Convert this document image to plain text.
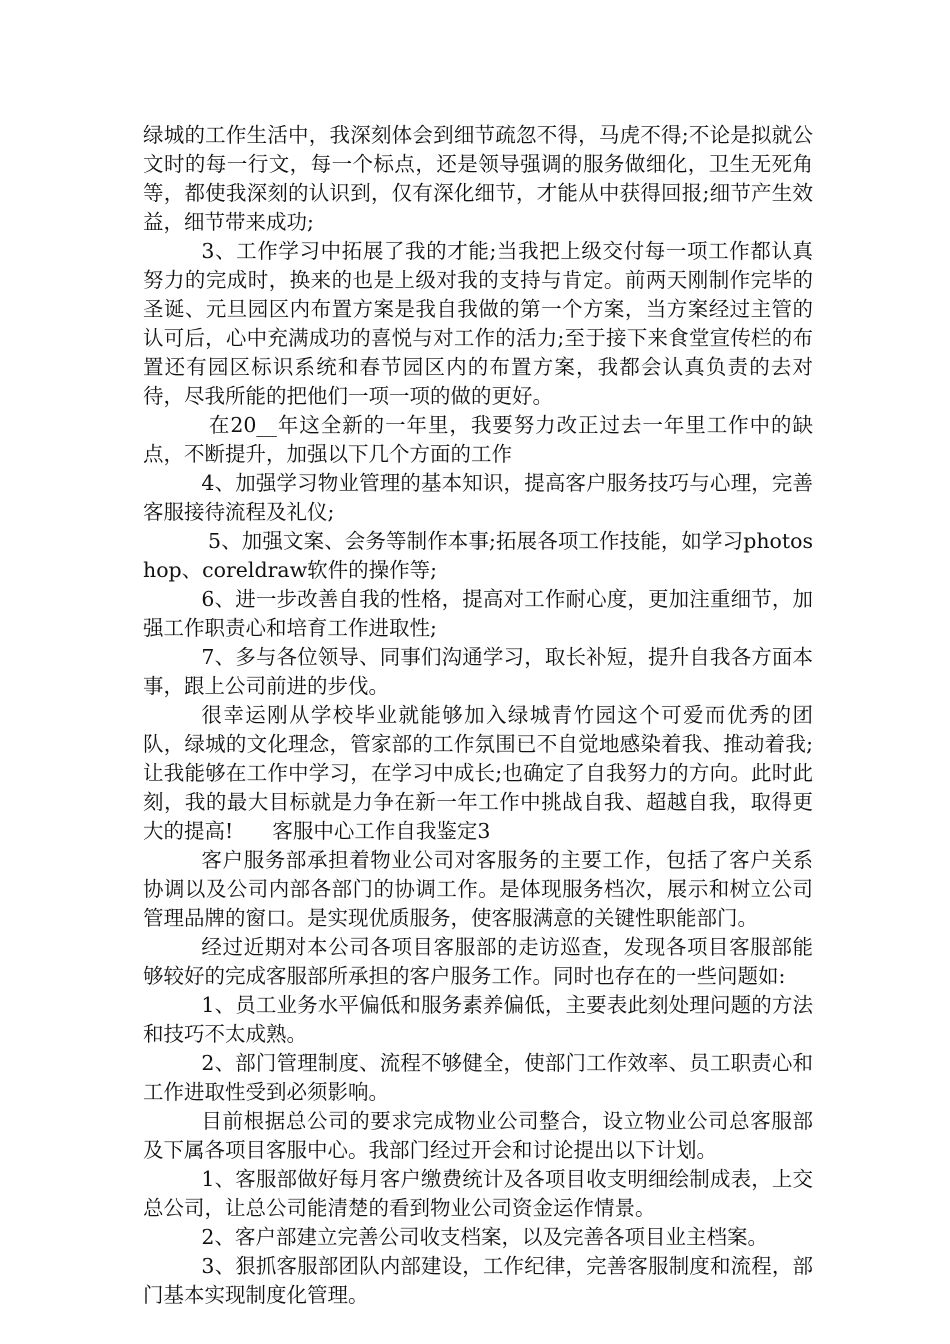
绿城的工作生活中，我深刻体会到细节疏忽不得，马虎不得;不论是拟就公文时的每一行文，每一个标点，还是领导强调的服务做细化，卫生无死角等，都使我深刻的认识到，仅有深化细节，才能从中获得回报;细节产生效益，细节带来成功;

3、工作学习中拓展了我的才能;当我把上级交付每一项工作都认真努力的完成时，换来的也是上级对我的支持与肯定。前两天刚制作完毕的圣诞、元旦园区内布置方案是我自我做的第一个方案，当方案经过主管的认可后，心中充满成功的喜悦与对工作的活力;至于接下来食堂宣传栏的布置还有园区标识系统和春节园区内的布置方案，我都会认真负责的去对待，尽我所能的把他们一项一项的做的更好。

在20__年这全新的一年里，我要努力改正过去一年里工作中的缺点，不断提升，加强以下几个方面的工作

4、加强学习物业管理的基本知识，提高客户服务技巧与心理，完善客服接待流程及礼仪;

5、加强文案、会务等制作本事;拓展各项工作技能，如学习photoshop、coreldraw软件的操作等;

6、进一步改善自我的性格，提高对工作耐心度，更加注重细节，加强工作职责心和培育工作进取性;

7、多与各位领导、同事们沟通学习，取长补短，提升自我各方面本事，跟上公司前进的步伐。

很幸运刚从学校毕业就能够加入绿城青竹园这个可爱而优秀的团队，绿城的文化理念，管家部的工作氛围已不自觉地感染着我、推动着我;让我能够在工作中学习，在学习中成长;也确定了自我努力的方向。此时此刻，我的最大目标就是力争在新一年工作中挑战自我、超越自我，取得更大的提高!      客服中心工作自我鉴定3

客户服务部承担着物业公司对客服务的主要工作，包括了客户关系协调以及公司内部各部门的协调工作。是体现服务档次，展示和树立公司管理品牌的窗口。是实现优质服务，使客服满意的关键性职能部门。

经过近期对本公司各项目客服部的走访巡查，发现各项目客服部能够较好的完成客服部所承担的客户服务工作。同时也存在的一些问题如:

1、员工业务水平偏低和服务素养偏低，主要表此刻处理问题的方法和技巧不太成熟。

2、部门管理制度、流程不够健全，使部门工作效率、员工职责心和工作进取性受到必须影响。

目前根据总公司的要求完成物业公司整合，设立物业公司总客服部及下属各项目客服中心。我部门经过开会和讨论提出以下计划。

1、客服部做好每月客户缴费统计及各项目收支明细绘制成表，上交总公司，让总公司能清楚的看到物业公司资金运作情景。

2、客户部建立完善公司收支档案，以及完善各项目业主档案。

3、狠抓客服部团队内部建设，工作纪律，完善客服制度和流程，部门基本实现制度化管理。
